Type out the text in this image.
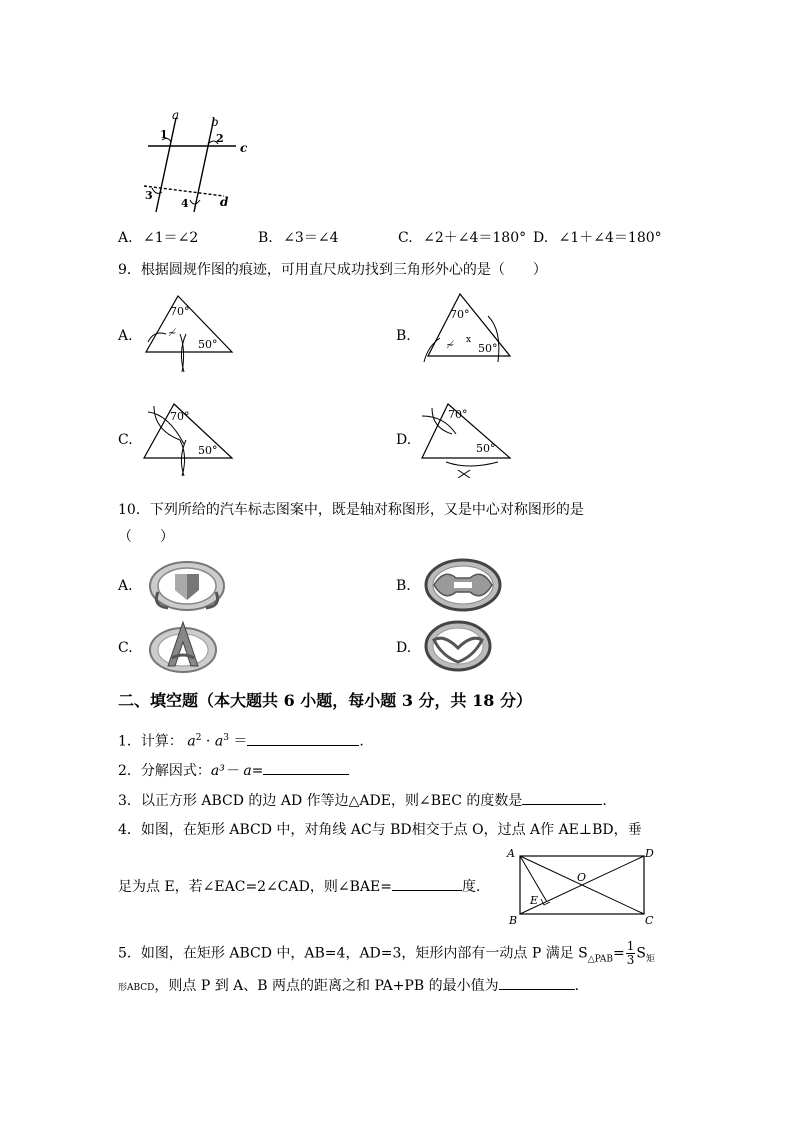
a	b
c
d
1	2
3
4
A. ∠1＝∠2	B. ∠3＝∠4	C. ∠2＋∠4＝180° D. ∠1＋∠4＝180°
9．根据圆规作图的痕迹，可用直尺成功找到三角形外心的是（　　）
A.	≁
70°
50°
B.
≁ x
70°
50°
C.
70°
50°
D.
70°
50°
10．下列所给的汽车标志图案中，既是轴对称图形，又是中心对称图形的是
（　　）
A.	B.
C.	D.
二、填空题（本大题共 6 小题，每小题 3 分，共 18 分）
1．计算： $a^2 \cdot a^3$ ＝	.
2．分解因式：a³－ a=
3．以正方形 ABCD 的边 AD 作等边△ADE，则∠BEC 的度数是	.
4．如图，在矩形 ABCD 中，对角线 AC与 BD相交于点 O，过点 A作 AE⊥BD，垂
足为点 E，若∠EAC=2∠CAD，则∠BAE=	度.
A	D
B	C
E
O
5．如图，在矩形 ABCD 中，AB=4，AD=3，矩形内部有一动点 P 满足 $S_{\triangle PAB}= \frac{1}{3} S_矩$
形ABCD，则点 P 到 A、B 两点的距离之和 PA+PB 的最小值为	.
